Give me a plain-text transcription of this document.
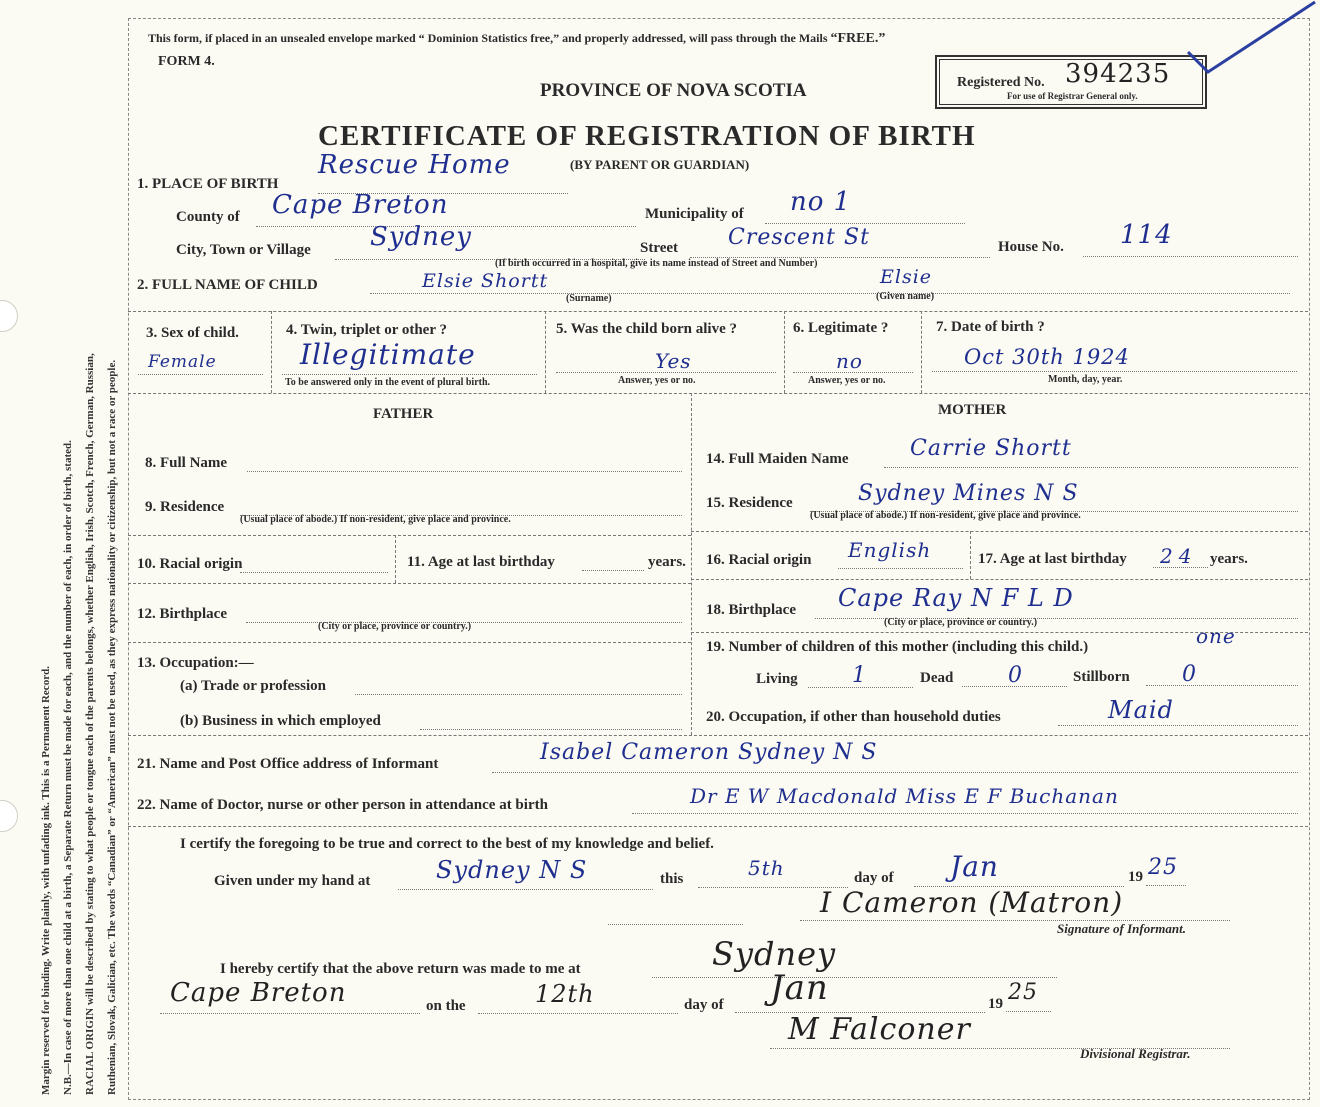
Margin reserved for binding. Write plainly, with unfading ink. This is a Permanent Record. N.B.—In case of more than one child at a birth, a Separate Return must be made for each, and the number of each, in order of birth, stated. RACIAL ORIGIN will be described by stating to what people or tongue each of the parents belongs, whether English, Irish, Scotch, French, German, Russian, Ruthenian, Slovak, Galician, etc. The words “Canadian” or “American” must not be used, as they express nationality or citizenship, but not a race or people.
This form, if placed in an unsealed envelope marked “ Dominion Statistics free,” and properly addressed, will pass through the Mails “FREE.”
FORM 4.
PROVINCE OF NOVA SCOTIA	Registered No. 394235
For use of Registrar General only.
CERTIFICATE OF REGISTRATION OF BIRTH
(BY PARENT OR GUARDIAN)
1. PLACE OF BIRTH
Rescue Home
County of Cape Breton	Municipality of no 1
City, Town or Village Sydney	Street Crescent St	House No. 114
(If birth occurred in a hospital, give its name instead of Street and Number)
2. FULL NAME OF CHILD	Elsie Shortt	Elsie
(Surname)	(Given name)
3. Sex of child.
Female
4. Twin, triplet or other ?
Illegitimate
To be answered only in the event of plural birth.
5. Was the child born alive ?
Yes
Answer, yes or no.
6. Legitimate ?
no
Answer, yes or no.
7. Date of birth ?
Oct 30th 1924
Month, day, year.
FATHER	MOTHER
8. Full Name
9. Residence
(Usual place of abode.) If non-resident, give place and province.
10. Racial origin	11. Age at last birthday	years.
12. Birthplace
(City or place, province or country.)
13. Occupation:—
(a) Trade or profession
(b) Business in which employed
14. Full Maiden Name	Carrie Shortt
15. Residence	Sydney Mines N S
(Usual place of abode.) If non-resident, give place and province.
16. Racial origin English	17. Age at last birthday 24 years.
18. Birthplace Cape Ray N F L D
(City or place, province or country.)
19. Number of children of this mother (including this child.)	one
Living 1	Dead 0	Stillborn 0
20. Occupation, if other than household duties	Maid
21. Name and Post Office address of Informant	Isabel Cameron Sydney N S
22. Name of Doctor, nurse or other person in attendance at birth	Dr E W Macdonald Miss E F Buchanan
I certify the foregoing to be true and correct to the best of my knowledge and belief.
Given under my hand at	Sydney N S	this	5th	day of Jan	19 25
I Cameron (Matron)
Signature of Informant.
I hereby certify that the above return was made to me at	Sydney
Cape Breton	on the	12th	day of Jan	19 25
M Falconer
Divisional Registrar.
